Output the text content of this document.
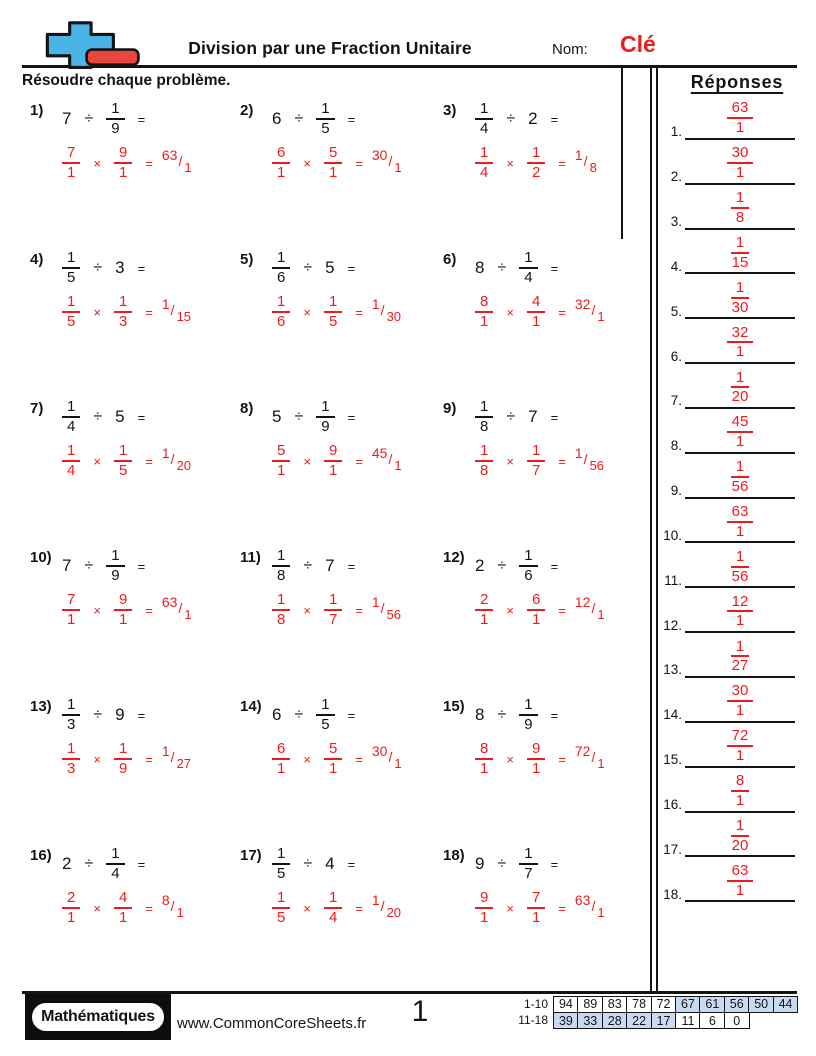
Division par une Fraction Unitaire	Nom: Clé
Résoudre chaque problème.
1)	$7 \div \frac{1}{9}$ =
$\frac{7}{1} \times \frac{9}{1} = 63/$ $_1$
2)	$6 \div \frac{1}{5}$ =
$\frac{6}{1} \times \frac{5}{1} = 30/$ $_1$
3)	$\frac{1}{4} \div 2$ =
$\frac{1}{4} \times \frac{1}{2} = 1/$ $_8$
4)	$\frac{1}{5} \div 3$ =
$\frac{1}{5} \times \frac{1}{3} = 1/$ $_{15}$
5)	$\frac{1}{6} \div 5$ =
$\frac{1}{6} \times \frac{1}{5} = 1/$ $_{30}$
6)	$8 \div \frac{1}{4}$ =
$\frac{8}{1} \times \frac{4}{1} = 32/$ $_1$
7)	$\frac{1}{4} \div 5$ =
$\frac{1}{4} \times \frac{1}{5} = 1/$ $_{20}$
8)	$5 \div \frac{1}{9}$ =
$\frac{5}{1} \times \frac{9}{1} = 45/$ $_1$
9)	$\frac{1}{8} \div 7$ =
$\frac{1}{8} \times \frac{1}{7} = 1/$ $_{56}$
10) $7 \div \frac{1}{9}$ =
$\frac{7}{1} \times \frac{9}{1} = 63/$ $_1$
$11) \frac{1}{8} \div 7$ =
$\frac{1}{8} \times \frac{1}{7} = 1/$ $_{56}$
12) $2 \div \frac{1}{6}$ =
$\frac{2}{1} \times \frac{6}{1} = 12/$ $_1$
$13) \frac{1}{3} \div 9$ =
$\frac{1}{3} \times \frac{1}{9} = 1/$ $_{27}$
14) $6 \div \frac{1}{5}$ =
$\frac{6}{1} \times \frac{5}{1} = 30/$ $_1$
15) $8 \div \frac{1}{9}$ =
$\frac{8}{1} \times \frac{9}{1} = 72/$ $_1$
16) $2 \div \frac{1}{4}$ =
$\frac{2}{1} \times \frac{4}{1} = 8/$ $_1$
$17) \frac{1}{5} \div 4$ =
$\frac{1}{5} \times \frac{1}{4} = 1/$ $_{20}$
18) $9 \div \frac{1}{7}$ =
$\frac{9}{1} \times \frac{7}{1} = 63/$ $_1$
Réponses
1.	$\frac{63}{1}$
2.	$\frac{30}{1}$
3.	$\frac{1}{8}$
4.	$\frac{1}{15}$
5.	$\frac{1}{30}$
6.	$\frac{32}{1}$
7.	$\frac{1}{20}$
8.	$\frac{45}{1}$
9.	$\frac{1}{56}$
10.	$\frac{63}{1}$
11.	$\frac{1}{56}$
12.	$\frac{12}{1}$
13.	$\frac{1}{27}$
14.	$\frac{30}{1}$
15.	$\frac{72}{1}$
16.	$\frac{8}{1}$
17.	$\frac{1}{20}$
18.	$\frac{63}{1}$
Mathématiques	www.CommonCoreSheets.fr	1	1-10 94 89 83 78 72 67 61 56 50 44
11-18 39 33 28 22 17 11	6	0
